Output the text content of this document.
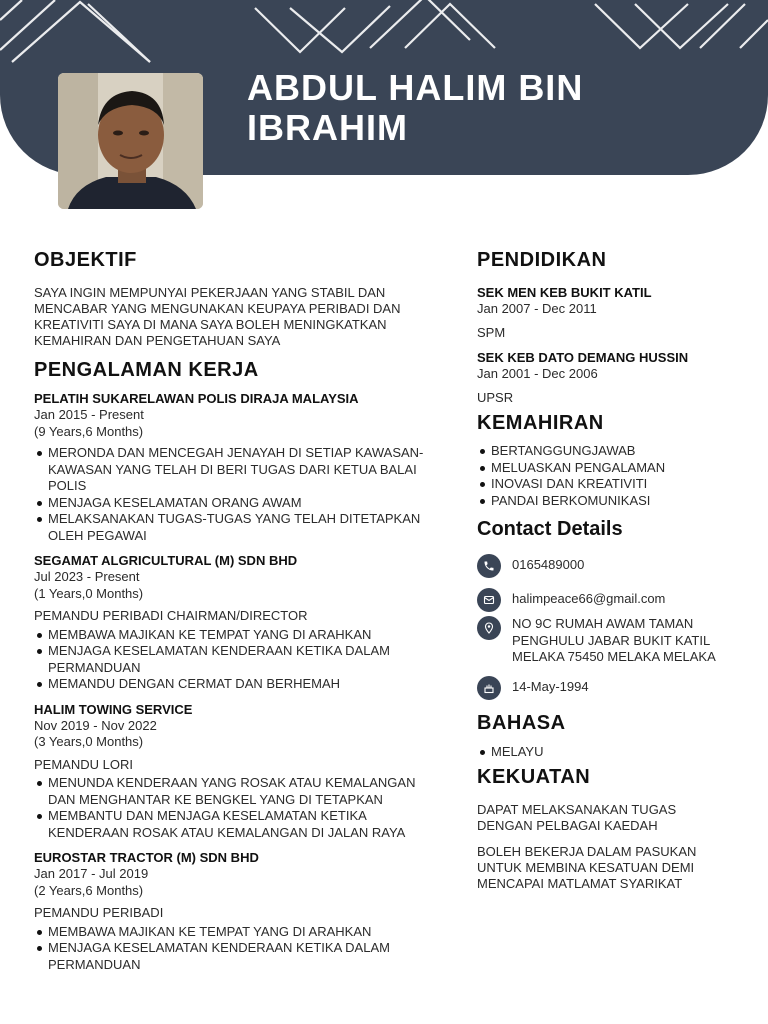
ABDUL HALIM BIN IBRAHIM
OBJEKTIF

SAYA INGIN MEMPUNYAI PEKERJAAN YANG STABIL DAN MENCABAR YANG MENGUNAKAN KEUPAYA PERIBADI DAN KREATIVITI SAYA DI MANA SAYA BOLEH MENINGKATKAN KEMAHIRAN DAN PENGETAHUAN SAYA

PENGALAMAN KERJA

PELATIH SUKARELAWAN POLIS DIRAJA MALAYSIA

Jan 2015 - Present

(9 Years,6 Months)

MERONDA DAN MENCEGAH JENAYAH DI SETIAP KAWASAN-KAWASAN YANG TELAH DI BERI TUGAS DARI KETUA BALAI POLIS
MENJAGA KESELAMATAN ORANG AWAM
MELAKSANAKAN TUGAS-TUGAS YANG TELAH DITETAPKAN OLEH PEGAWAI

SEGAMAT ALGRICULTURAL (M) SDN BHD

Jul 2023 - Present

(1 Years,0 Months)

PEMANDU PERIBADI CHAIRMAN/DIRECTOR

MEMBAWA MAJIKAN KE TEMPAT YANG DI ARAHKAN
MENJAGA KESELAMATAN KENDERAAN KETIKA DALAM PERMANDUAN
MEMANDU DENGAN CERMAT DAN BERHEMAH

HALIM TOWING SERVICE

Nov 2019 - Nov 2022

(3 Years,0 Months)

PEMANDU LORI

MENUNDA KENDERAAN YANG ROSAK ATAU KEMALANGAN DAN MENGHANTAR KE BENGKEL YANG DI TETAPKAN
MEMBANTU DAN MENJAGA KESELAMATAN KETIKA KENDERAAN ROSAK ATAU KEMALANGAN DI JALAN RAYA

EUROSTAR TRACTOR (M) SDN BHD

Jan 2017 - Jul 2019

(2 Years,6 Months)

PEMANDU PERIBADI

MEMBAWA MAJIKAN KE TEMPAT YANG DI ARAHKAN
MENJAGA KESELAMATAN KENDERAAN KETIKA DALAM PERMANDUAN
PENDIDIKAN

SEK MEN KEB BUKIT KATIL

Jan 2007 - Dec 2011

SPM

SEK KEB DATO DEMANG HUSSIN

Jan 2001 - Dec 2006

UPSR

KEMAHIRAN
BERTANGGUNGJAWAB
MELUASKAN PENGALAMAN
INOVASI DAN KREATIVITI
PANDAI BERKOMUNIKASI

Contact Details

0165489000
halimpeace66@gmail.com
NO 9C RUMAH AWAM TAMAN PENGHULU JABAR BUKIT KATIL MELAKA 75450 MELAKA MELAKA
14-May-1994
BAHASA
MELAYU
KEKUATAN

DAPAT MELAKSANAKAN TUGAS DENGAN PELBAGAI KAEDAH

BOLEH BEKERJA DALAM PASUKAN UNTUK MEMBINA KESATUAN DEMI MENCAPAI MATLAMAT SYARIKAT
